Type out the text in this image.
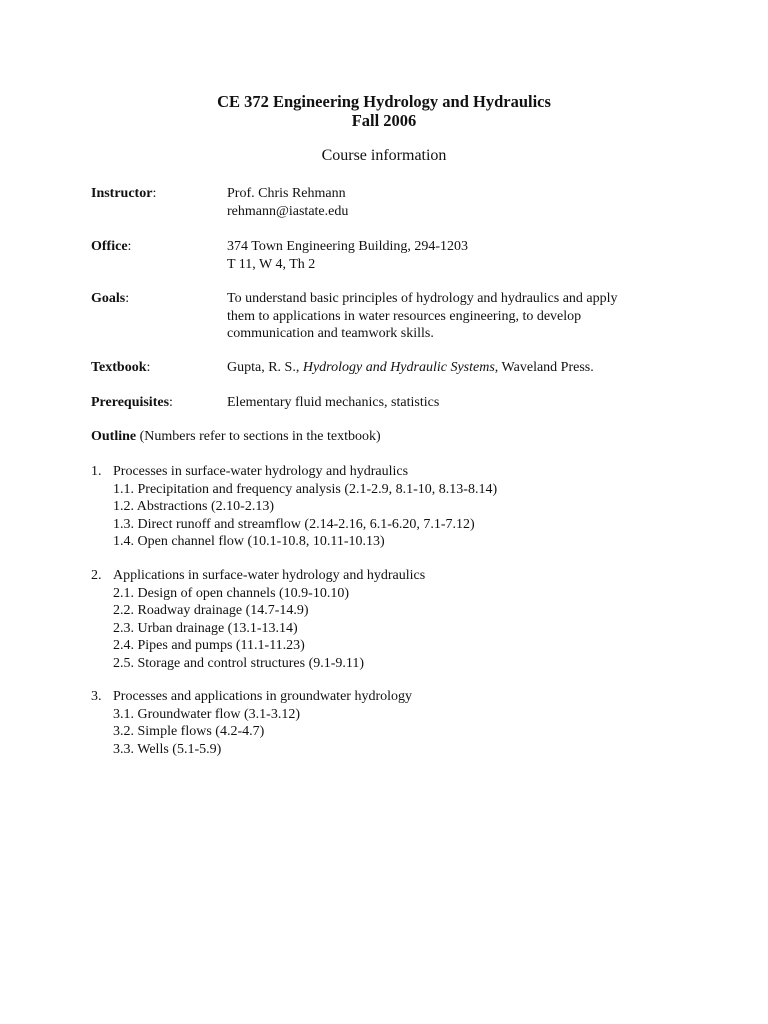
CE 372 Engineering Hydrology and Hydraulics
Fall 2006
Course information
Instructor:	Prof. Chris Rehmann
rehmann@iastate.edu
Office:	374 Town Engineering Building, 294-1203
T 11, W 4, Th 2
Goals:	To understand basic principles of hydrology and hydraulics and apply
them to applications in water resources engineering, to develop
communication and teamwork skills.
Textbook:	Gupta, R. S., Hydrology and Hydraulic Systems, Waveland Press.
Prerequisites:	Elementary fluid mechanics, statistics
Outline (Numbers refer to sections in the textbook)
1. Processes in surface-water hydrology and hydraulics
1.1. Precipitation and frequency analysis (2.1-2.9, 8.1-10, 8.13-8.14)
1.2. Abstractions (2.10-2.13)
1.3. Direct runoff and streamflow (2.14-2.16, 6.1-6.20, 7.1-7.12)
1.4. Open channel flow (10.1-10.8, 10.11-10.13)
2. Applications in surface-water hydrology and hydraulics
2.1. Design of open channels (10.9-10.10)
2.2. Roadway drainage (14.7-14.9)
2.3. Urban drainage (13.1-13.14)
2.4. Pipes and pumps (11.1-11.23)
2.5. Storage and control structures (9.1-9.11)
3. Processes and applications in groundwater hydrology
3.1. Groundwater flow (3.1-3.12)
3.2. Simple flows (4.2-4.7)
3.3. Wells (5.1-5.9)
